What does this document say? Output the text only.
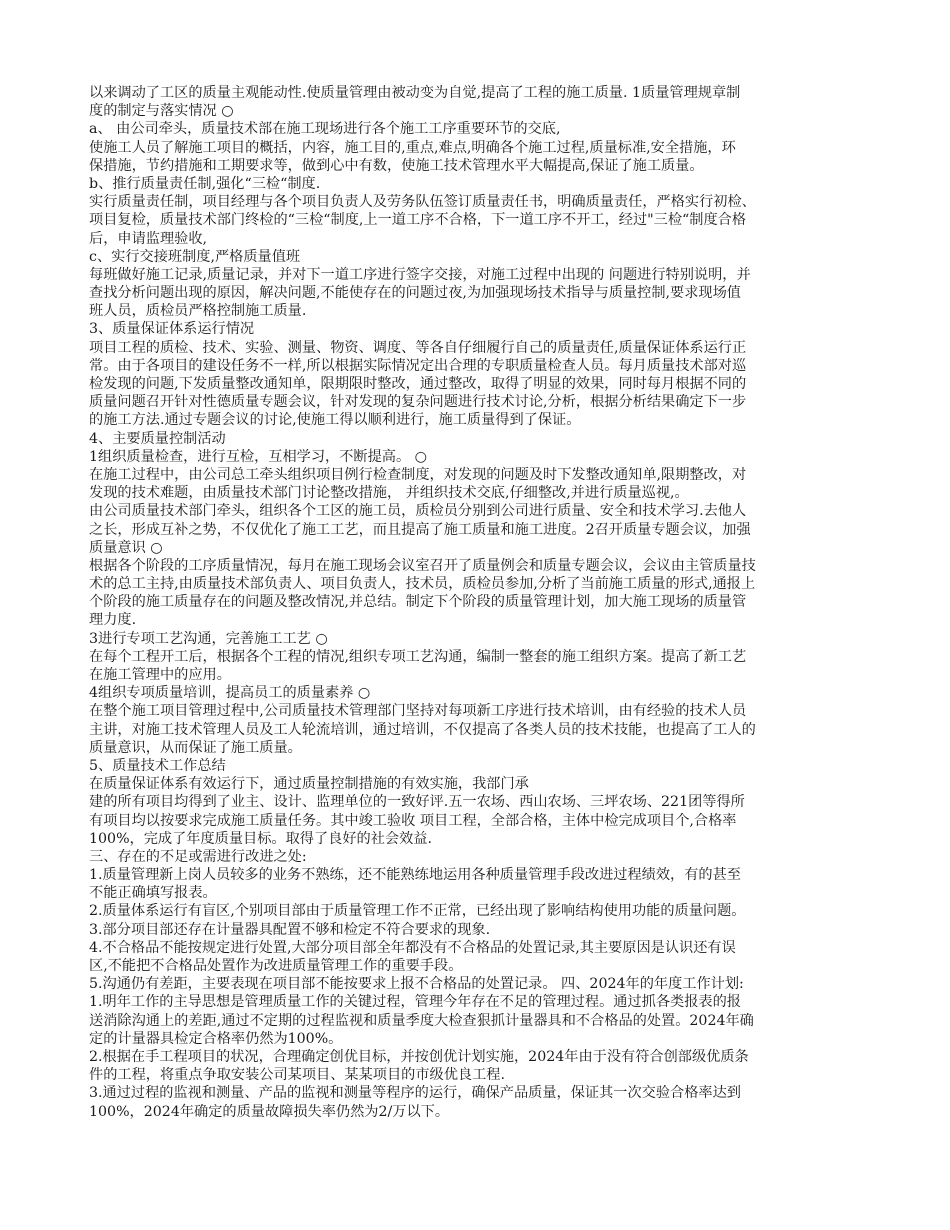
以来调动了工区的质量主观能动性.使质量管理由被动变为自觉,提高了工程的施工质量. 1质量管理规章制
度的制定与落实情况 ○
a、 由公司牵头，质量技术部在施工现场进行各个施工工序重要环节的交底,
使施工人员了解施工项目的概括，内容，施工目的,重点,难点,明确各个施工过程,质量标准,安全措施，环
保措施，节约措施和工期要求等，做到心中有数，使施工技术管理水平大幅提高,保证了施工质量。
b、推行质量责任制,强化“三检“制度.
实行质量责任制，项目经理与各个项目负责人及劳务队伍签订质量责任书，明确质量责任，严格实行初检、
项目复检，质量技术部门终检的“三检“制度,上一道工序不合格，下一道工序不开工，经过"三检“制度合格
后，申请监理验收,
c、实行交接班制度,严格质量值班
每班做好施工记录,质量记录，并对下一道工序进行签字交接，对施工过程中出现的 问题进行特别说明，并
查找分析问题出现的原因，解决问题,不能使存在的问题过夜,为加强现场技术指导与质量控制,要求现场值
班人员，质检员严格控制施工质量.
3、质量保证体系运行情况
项目工程的质检、技术、实验、测量、物资、调度、等各自仔细履行自己的质量责任,质量保证体系运行正
常。由于各项目的建设任务不一样,所以根据实际情况定出合理的专职质量检查人员。每月质量技术部对巡
检发现的问题,下发质量整改通知单，限期限时整改，通过整改，取得了明显的效果，同时每月根据不同的
质量问题召开针对性德质量专题会议，针对发现的复杂问题进行技术讨论,分析，根据分析结果确定下一步
的施工方法.通过专题会议的讨论,使施工得以顺利进行，施工质量得到了保证。
4、主要质量控制活动
1组织质量检查，进行互检，互相学习，不断提高。 ○
在施工过程中，由公司总工牵头组织项目例行检查制度，对发现的问题及时下发整改通知单,限期整改，对
发现的技术难题，由质量技术部门讨论整改措施， 并组织技术交底,仔细整改,并进行质量巡视,。
由公司质量技术部门牵头，组织各个工区的施工员，质检员分别到公司进行质量、安全和技术学习.去他人
之长，形成互补之势，不仅优化了施工工艺，而且提高了施工质量和施工进度。2召开质量专题会议，加强
质量意识 ○
根据各个阶段的工序质量情况，每月在施工现场会议室召开了质量例会和质量专题会议，会议由主管质量技
术的总工主持,由质量技术部负责人、项目负责人，技术员，质检员参加,分析了当前施工质量的形式,通报上
个阶段的施工质量存在的问题及整改情况,并总结。制定下个阶段的质量管理计划，加大施工现场的质量管
理力度.
3进行专项工艺沟通，完善施工工艺 ○
在每个工程开工后，根据各个工程的情况,组织专项工艺沟通，编制一整套的施工组织方案。提高了新工艺
在施工管理中的应用。
4组织专项质量培训，提高员工的质量素养 ○
在整个施工项目管理过程中,公司质量技术管理部门坚持对每项新工序进行技术培训，由有经验的技术人员
主讲，对施工技术管理人员及工人轮流培训，通过培训，不仅提高了各类人员的技术技能，也提高了工人的
质量意识，从而保证了施工质量。
5、质量技术工作总结
在质量保证体系有效运行下，通过质量控制措施的有效实施，我部门承
建的所有项目均得到了业主、设计、监理单位的一致好评.五一农场、西山农场、三坪农场、221团等得所
有项目均以按要求完成施工质量任务。其中竣工验收 项目工程，全部合格，主体中检完成项目个,合格率
100%，完成了年度质量目标。取得了良好的社会效益.
三、存在的不足或需进行改进之处:
1.质量管理新上岗人员较多的业务不熟练，还不能熟练地运用各种质量管理手段改进过程绩效，有的甚至
不能正确填写报表。
2.质量体系运行有盲区,个别项目部由于质量管理工作不正常，已经出现了影响结构使用功能的质量问题。
3.部分项目部还存在计量器具配置不够和检定不符合要求的现象.
4.不合格品不能按规定进行处置,大部分项目部全年都没有不合格品的处置记录,其主要原因是认识还有误
区,不能把不合格品处置作为改进质量管理工作的重要手段。
5.沟通仍有差距，主要表现在项目部不能按要求上报不合格品的处置记录。 四、2024年的年度工作计划:
1.明年工作的主导思想是管理质量工作的关键过程，管理今年存在不足的管理过程。通过抓各类报表的报
送消除沟通上的差距,通过不定期的过程监视和质量季度大检查狠抓计量器具和不合格品的处置。2024年确
定的计量器具检定合格率仍然为100%。
2.根据在手工程项目的状况，合理确定创优目标，并按创优计划实施，2024年由于没有符合创部级优质条
件的工程，将重点争取安装公司某项目、某某项目的市级优良工程.
3.通过过程的监视和测量、产品的监视和测量等程序的运行，确保产品质量，保证其一次交验合格率达到
100%，2024年确定的质量故障损失率仍然为2/万以下。
